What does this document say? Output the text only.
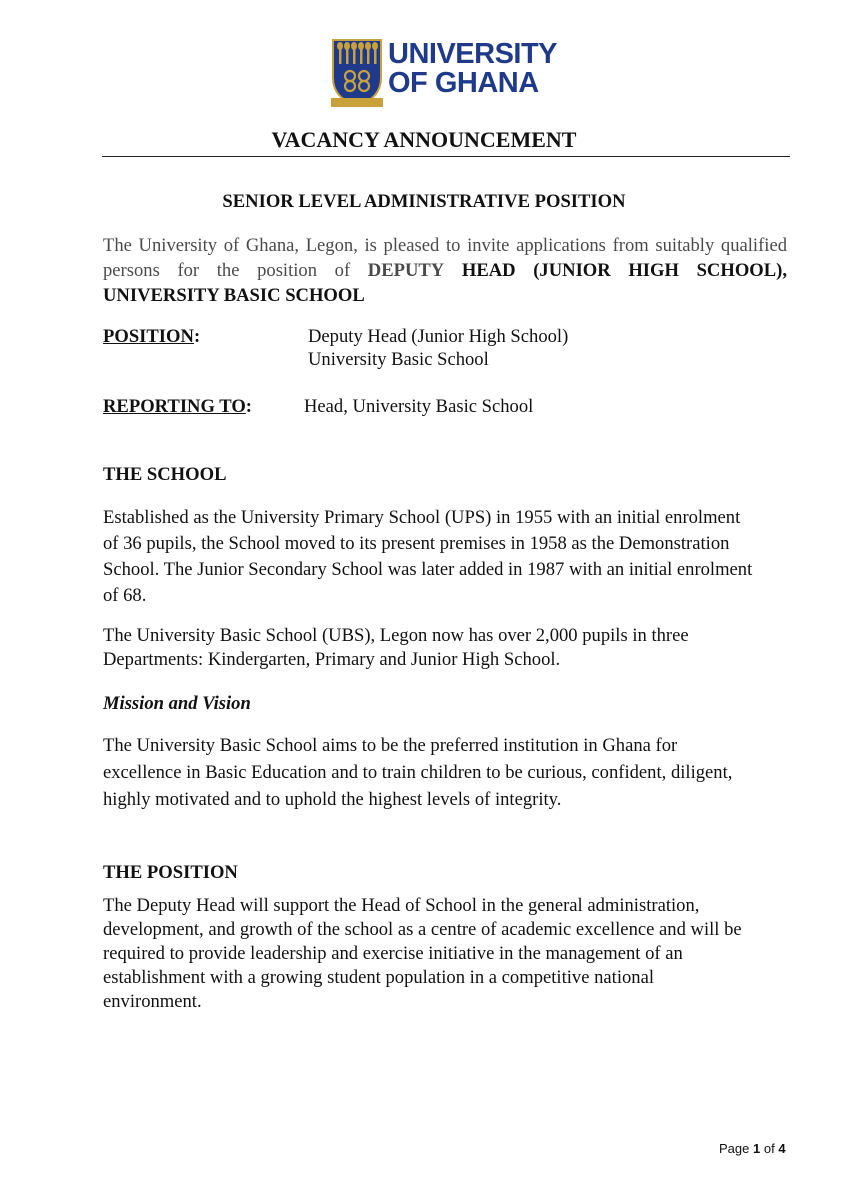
UNIVERSITY
OF GHANA
VACANCY ANNOUNCEMENT

SENIOR LEVEL ADMINISTRATIVE POSITION

The University of Ghana, Legon, is pleased to invite applications from suitably qualified persons for the position of DEPUTY HEAD (JUNIOR HIGH SCHOOL), UNIVERSITY BASIC SCHOOL

POSITION:	Deputy Head (Junior High School)

University Basic School

REPORTING TO:	Head, University Basic School

THE SCHOOL

Established as the University Primary School (UPS) in 1955 with an initial enrolment

of 36 pupils, the School moved to its present premises in 1958 as the Demonstration

School. The Junior Secondary School was later added in 1987 with an initial enrolment

of 68.

The University Basic School (UBS), Legon now has over 2,000 pupils in three

Departments: Kindergarten, Primary and Junior High School.

Mission and Vision

The University Basic School aims to be the preferred institution in Ghana for

excellence in Basic Education and to train children to be curious, confident, diligent,

highly motivated and to uphold the highest levels of integrity.

THE POSITION

The Deputy Head will support the Head of School in the general administration,

development, and growth of the school as a centre of academic excellence and will be

required to provide leadership and exercise initiative in the management of an

establishment with a growing student population in a competitive national

environment.

Page 1 of 4
